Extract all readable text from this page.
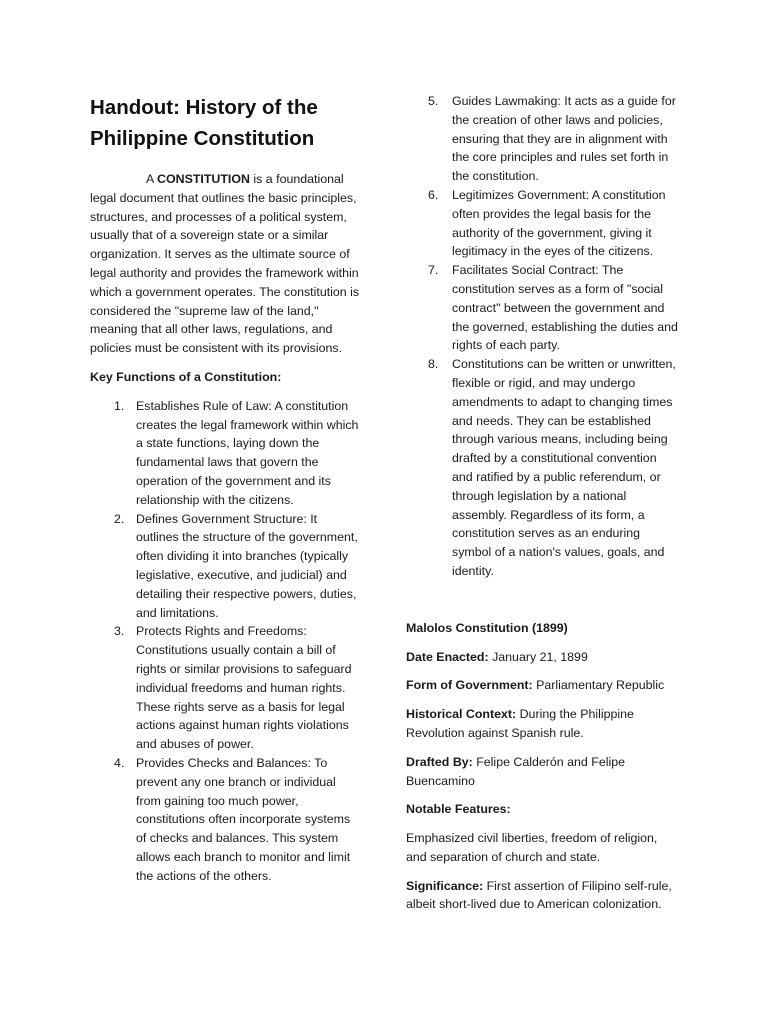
Handout: History of the Philippine Constitution

A CONSTITUTION is a foundational legal document that outlines the basic principles, structures, and processes of a political system, usually that of a sovereign state or a similar organization. It serves as the ultimate source of legal authority and provides the framework within which a government operates. The constitution is considered the "supreme law of the land," meaning that all other laws, regulations, and policies must be consistent with its provisions.

Key Functions of a Constitution:

1. Establishes Rule of Law: A constitution creates the legal framework within which a state functions, laying down the fundamental laws that govern the operation of the government and its relationship with the citizens.
2. Defines Government Structure: It outlines the structure of the government, often dividing it into branches (typically legislative, executive, and judicial) and detailing their respective powers, duties, and limitations.
3. Protects Rights and Freedoms: Constitutions usually contain a bill of rights or similar provisions to safeguard individual freedoms and human rights. These rights serve as a basis for legal actions against human rights violations and abuses of power.
4. Provides Checks and Balances: To prevent any one branch or individual from gaining too much power, constitutions often incorporate systems of checks and balances. This system allows each branch to monitor and limit the actions of the others.
5. Guides Lawmaking: It acts as a guide for the creation of other laws and policies, ensuring that they are in alignment with the core principles and rules set forth in the constitution.
6. Legitimizes Government: A constitution often provides the legal basis for the authority of the government, giving it legitimacy in the eyes of the citizens.
7. Facilitates Social Contract: The constitution serves as a form of "social contract" between the government and the governed, establishing the duties and rights of each party.
8. Constitutions can be written or unwritten, flexible or rigid, and may undergo amendments to adapt to changing times and needs. They can be established through various means, including being drafted by a constitutional convention and ratified by a public referendum, or through legislation by a national assembly. Regardless of its form, a constitution serves as an enduring symbol of a nation's values, goals, and identity.

Malolos Constitution (1899)

Date Enacted: January 21, 1899

Form of Government: Parliamentary Republic

Historical Context: During the Philippine Revolution against Spanish rule.

Drafted By: Felipe Calderón and Felipe Buencamino

Notable Features:

Emphasized civil liberties, freedom of religion, and separation of church and state.

Significance: First assertion of Filipino self-rule, albeit short-lived due to American colonization.
